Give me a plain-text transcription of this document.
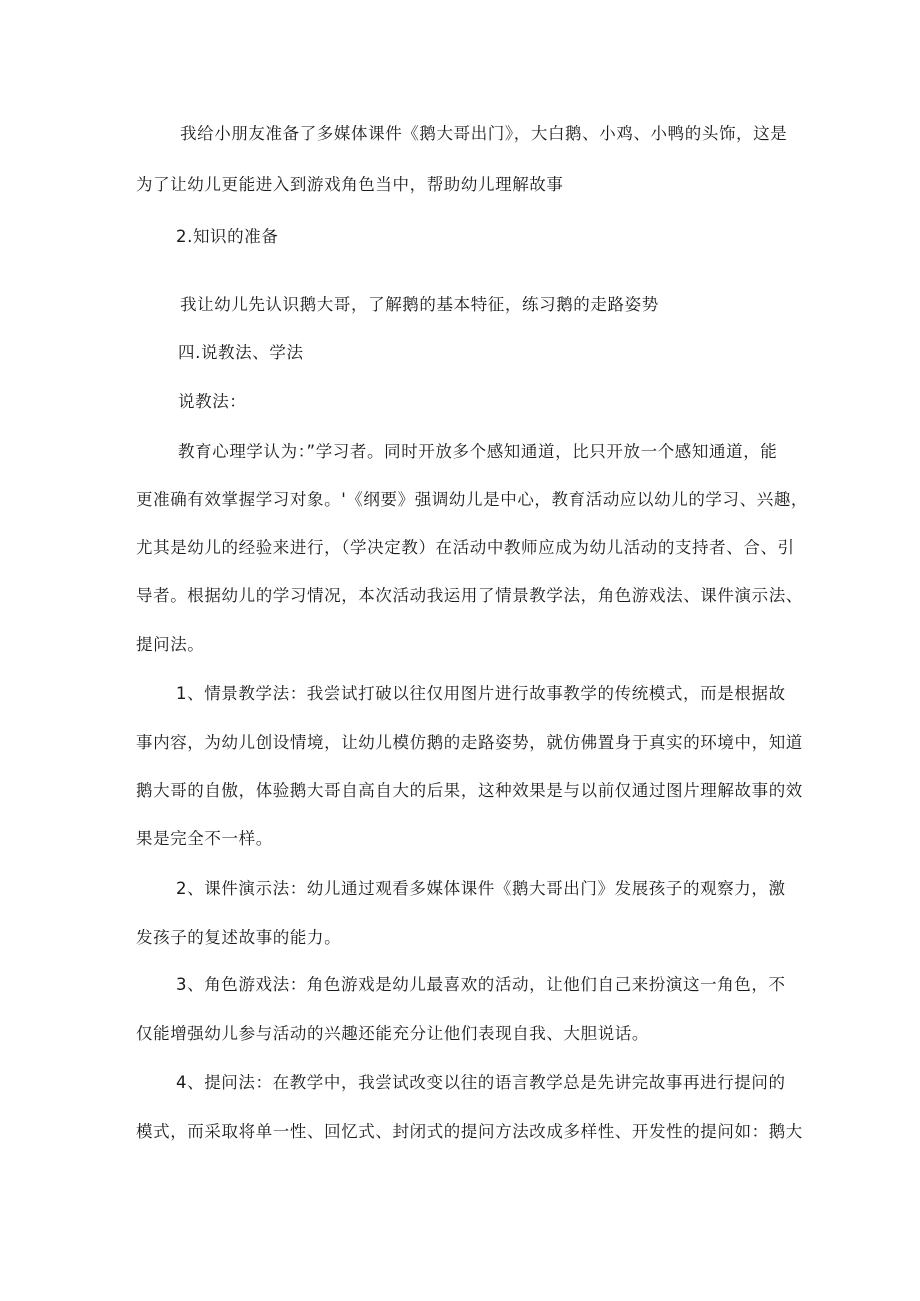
我给小朋友准备了多媒体课件《鹅大哥出门》，大白鹅、小鸡、小鸭的头饰，这是
为了让幼儿更能进入到游戏角色当中，帮助幼儿理解故事
2.知识的准备
我让幼儿先认识鹅大哥，了解鹅的基本特征，练习鹅的走路姿势
四.说教法、学法
说教法：
教育心理学认为：”学习者。同时开放多个感知通道，比只开放一个感知通道，能
更准确有效掌握学习对象。'《纲要》强调幼儿是中心，教育活动应以幼儿的学习、兴趣，
尤其是幼儿的经验来进行，（学决定教）在活动中教师应成为幼儿活动的支持者、合、引
导者。根据幼儿的学习情况，本次活动我运用了情景教学法，角色游戏法、课件演示法、
提问法。
1、情景教学法：我尝试打破以往仅用图片进行故事教学的传统模式，而是根据故
事内容，为幼儿创设情境，让幼儿模仿鹅的走路姿势，就仿佛置身于真实的环境中，知道
鹅大哥的自傲，体验鹅大哥自高自大的后果，这种效果是与以前仅通过图片理解故事的效
果是完全不一样。
2、课件演示法：幼儿通过观看多媒体课件《鹅大哥出门》发展孩子的观察力，激
发孩子的复述故事的能力。
3、角色游戏法：角色游戏是幼儿最喜欢的活动，让他们自己来扮演这一角色，不
仅能增强幼儿参与活动的兴趣还能充分让他们表现自我、大胆说话。
4、提问法：在教学中，我尝试改变以往的语言教学总是先讲完故事再进行提问的
模式，而采取将单一性、回忆式、封闭式的提问方法改成多样性、开发性的提问如：鹅大
